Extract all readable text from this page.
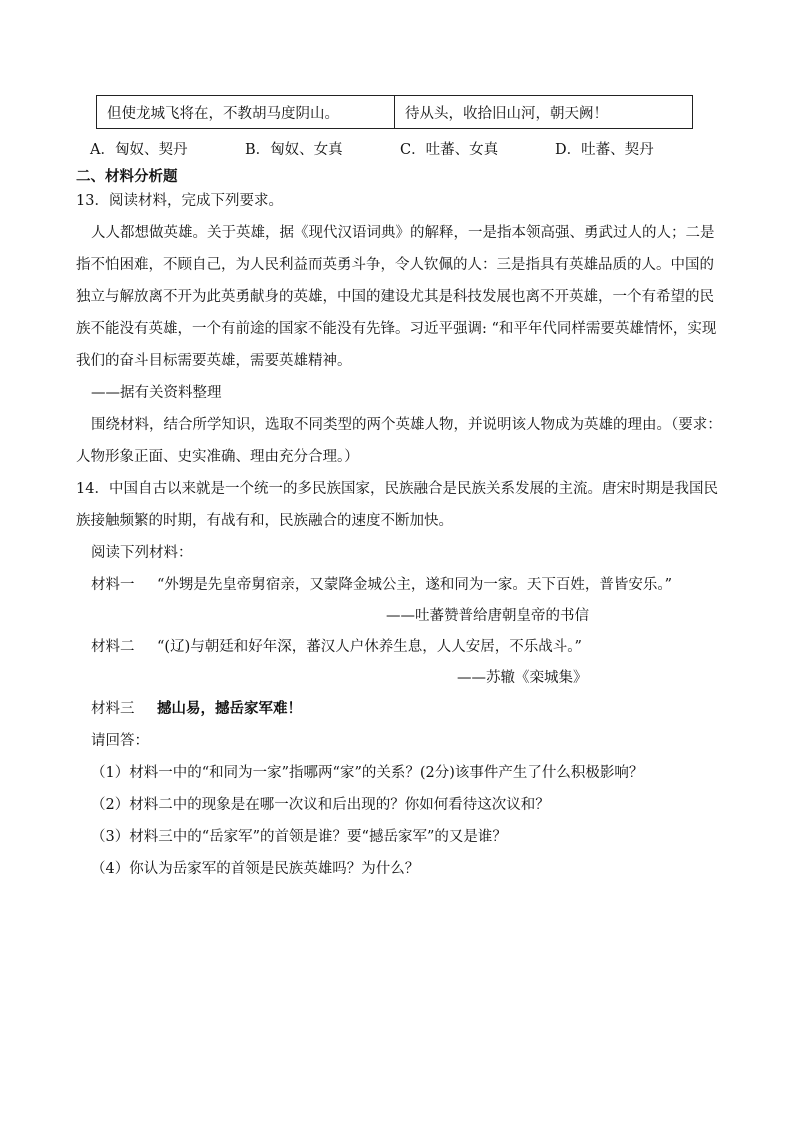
但使龙城飞将在，不教胡马度阴山。	待从头，收拾旧山河，朝天阙！
A．匈奴、契丹	B．匈奴、女真	C．吐蕃、女真	D．吐蕃、契丹
二、材料分析题
13．阅读材料，完成下列要求。
人人都想做英雄。关于英雄，据《现代汉语词典》的解释，一是指本领高强、勇武过人的人；二是
指不怕困难，不顾自己，为人民利益而英勇斗争，令人钦佩的人：三是指具有英雄品质的人。中国的
独立与解放离不开为此英勇献身的英雄，中国的建设尤其是科技发展也离不开英雄，一个有希望的民
族不能没有英雄，一个有前途的国家不能没有先锋。习近平强调: “和平年代同样需要英雄情怀，实现
我们的奋斗目标需要英雄，需要英雄精神。
——据有关资料整理
围绕材料，结合所学知识，选取不同类型的两个英雄人物，并说明该人物成为英雄的理由。（要求：
人物形象正面、史实准确、理由充分合理。）
14．中国自古以来就是一个统一的多民族国家，民族融合是民族关系发展的主流。唐宋时期是我国民
族接触频繁的时期，有战有和，民族融合的速度不断加快。
阅读下列材料：
材料一 “外甥是先皇帝舅宿亲，又蒙降金城公主，遂和同为一家。天下百姓，普皆安乐。”
——吐蕃赞普给唐朝皇帝的书信
材料二 “(辽)与朝廷和好年深，蕃汉人户休养生息，人人安居，不乐战斗。”
——苏辙《栾城集》
材料三 撼山易，撼岳家军难！
请回答：
（1）材料一中的“和同为一家”指哪两“家”的关系？(2分)该事件产生了什么积极影响？
（2）材料二中的现象是在哪一次议和后出现的？你如何看待这次议和？
（3）材料三中的“岳家军”的首领是谁？要“撼岳家军”的又是谁？
（4）你认为岳家军的首领是民族英雄吗？为什么？
